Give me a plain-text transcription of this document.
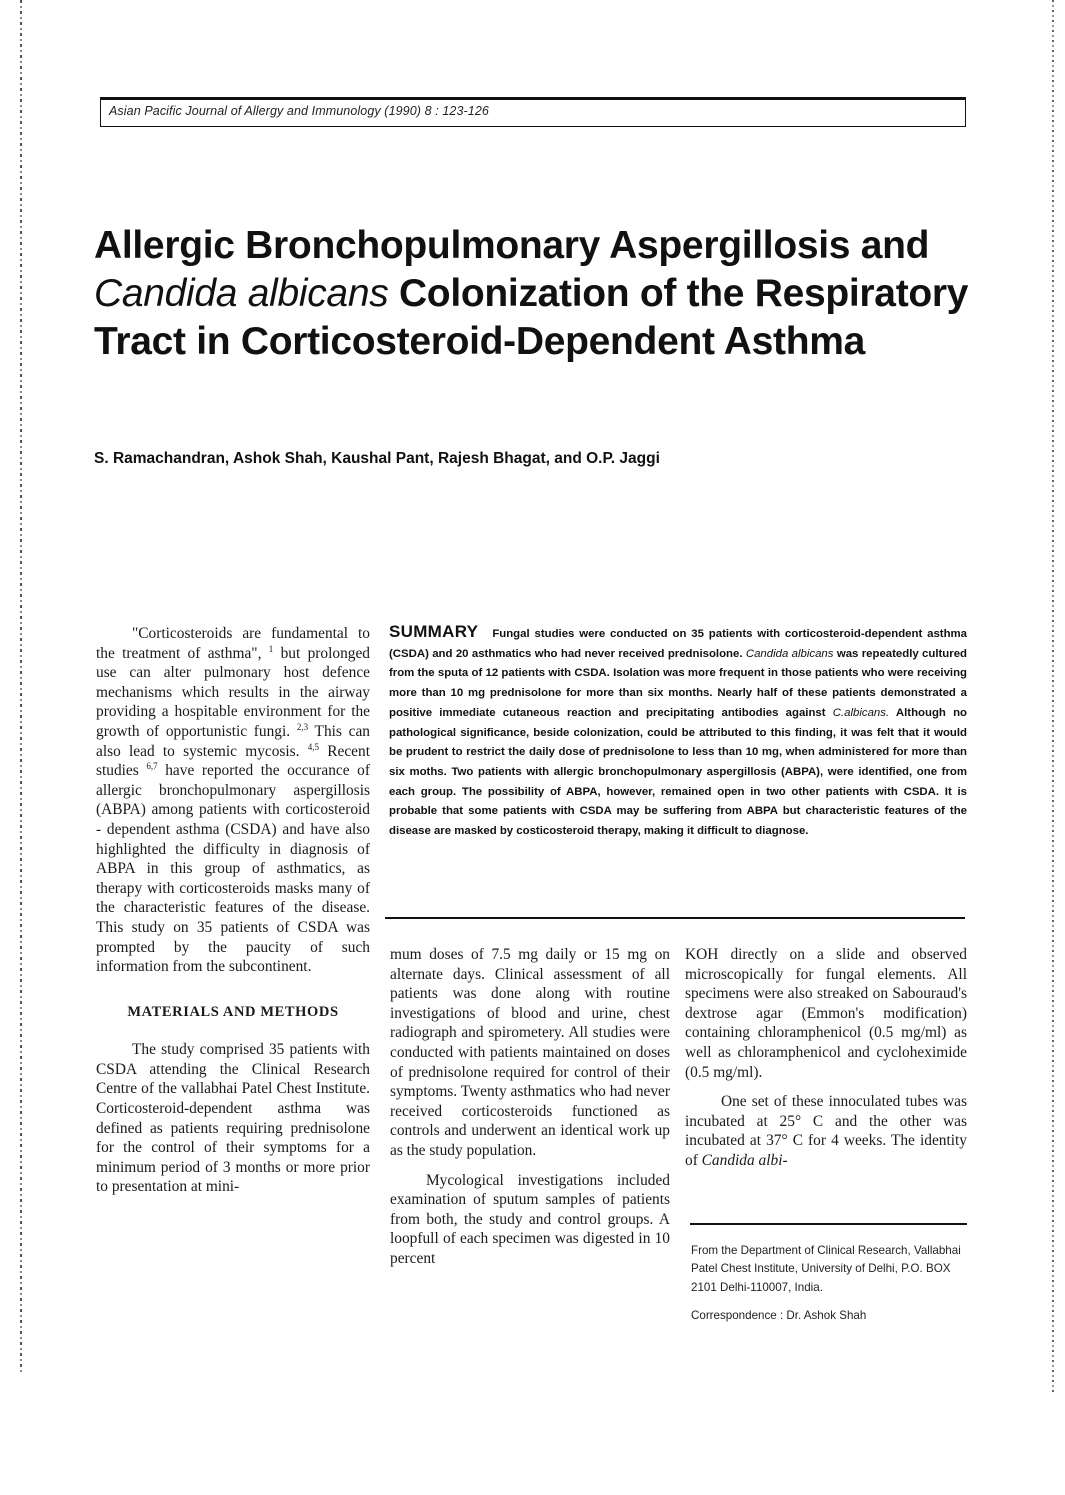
Asian Pacific Journal of Allergy and Immunology (1990) 8 : 123-126
Allergic Bronchopulmonary Aspergillosis and Candida albicans Colonization of the Respiratory Tract in Corticosteroid-Dependent Asthma
S. Ramachandran, Ashok Shah, Kaushal Pant, Rajesh Bhagat, and O.P. Jaggi
SUMMARY Fungal studies were conducted on 35 patients with corticosteroid-dependent asthma (CSDA) and 20 asthmatics who had never received prednisolone. Candida albicans was repeatedly cultured from the sputa of 12 patients with CSDA. Isolation was more frequent in those patients who were receiving more than 10 mg prednisolone for more than six months. Nearly half of these patients demonstrated a positive immediate cutaneous reaction and precipitating antibodies against C.albicans. Although no pathological significance, beside colonization, could be attributed to this finding, it was felt that it would be prudent to restrict the daily dose of prednisolone to less than 10 mg, when administered for more than six moths. Two patients with allergic bronchopulmonary aspergillosis (ABPA), were identified, one from each group. The possibility of ABPA, however, remained open in two other patients with CSDA. It is probable that some patients with CSDA may be suffering from ABPA but characteristic features of the disease are masked by costicosteroid therapy, making it difficult to diagnose.

"Corticosteroids are fundamental to the treatment of asthma", $^1$ but prolonged use can alter pulmonary host defence mechanisms which results in the airway providing a hospitable environment for the growth of opportunistic fungi. $^{2,3}$ This can also lead to systemic mycosis. $^{4,5}$ Recent studies $^{6,7}$ have reported the occurance of allergic bronchopulmonary aspergillosis (ABPA) among patients with corticosteroid - dependent asthma (CSDA) and have also highlighted the difficulty in diagnosis of ABPA in this group of asthmatics, as therapy with corticosteroids masks many of the characteristic features of the disease. This study on 35 patients of CSDA was prompted by the paucity of such information from the subcontinent.

MATERIALS AND METHODS

The study comprised 35 patients with CSDA attending the Clinical Research Centre of the vallabhai Patel Chest Institute. Corticosteroid-dependent asthma was defined as patients requiring prednisolone for the control of their symptoms for a minimum period of 3 months or more prior to presentation at mini-

mum doses of 7.5 mg daily or 15 mg on alternate days. Clinical assessment of all patients was done along with routine investigations of blood and urine, chest radiograph and spirometery. All studies were conducted with patients maintained on doses of prednisolone required for control of their symptoms. Twenty asthmatics who had never received corticosteroids functioned as controls and underwent an identical work up as the study population.

Mycological investigations included examination of sputum samples of patients from both, the study and control groups. A loopfull of each specimen was digested in 10 percent

KOH directly on a slide and observed microscopically for fungal elements. All specimens were also streaked on Sabouraud's dextrose agar (Emmon's modification) containing chloramphenicol (0.5 mg/ml) as well as chloramphenicol and cycloheximide (0.5 mg/ml).

One set of these innoculated tubes was incubated at 25° C and the other was incubated at 37° C for 4 weeks. The identity of Candida albi-

From the Department of Clinical Research, Vallabhai Patel Chest Institute, University of Delhi, P.O. BOX 2101 Delhi-110007, India.

Correspondence : Dr. Ashok Shah
